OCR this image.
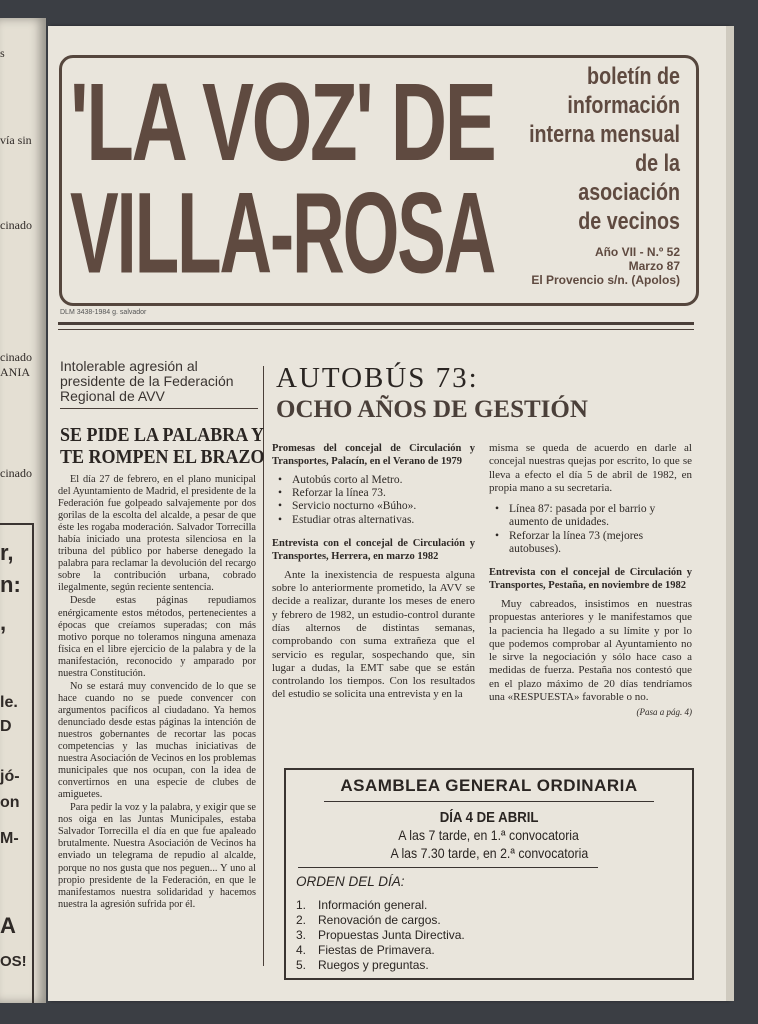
s
vía sin
cinado
cinado
ANIA
cinado
r,
n:
,
le.
D
jó-
on
M-
A
OS!
'LA VOZ' DE
VILLA-ROSA
boletín de
información
interna mensual
de la
asociación
de vecinos
Año VII - N.º 52
Marzo 87
El Provencio s/n. (Apolos)
DLM 3438-1984 g. salvador
Intolerable agresión al presidente de la Federación Regional de AVV
SE PIDE LA PALABRA Y
TE ROMPEN EL BRAZO

El día 27 de febrero, en el plano municipal del Ayuntamiento de Madrid, el presidente de la Federación fue golpeado salvajemente por dos gorilas de la escolta del alcalde, a pesar de que éste les rogaba moderación. Salvador Torrecilla había iniciado una protesta silenciosa en la tribuna del público por haberse denegado la palabra para reclamar la devolución del recargo sobre la contribución urbana, cobrado ilegalmente, según reciente sentencia.

Desde estas páginas repudiamos enérgicamente estos métodos, pertenecientes a épocas que creíamos superadas; con más motivo porque no toleramos ninguna amenaza física en el libre ejercicio de la palabra y de la manifestación, reconocido y amparado por nuestra Constitución.

No se estará muy convencido de lo que se hace cuando no se puede convencer con argumentos pacíficos al ciudadano. Ya hemos denunciado desde estas páginas la intención de nuestros gobernantes de recortar las pocas competencias y las muchas iniciativas de nuestra Asociación de Vecinos en los problemas municipales que nos ocupan, con la idea de convertirnos en una especie de clubes de amiguetes.

Para pedir la voz y la palabra, y exigir que se nos oiga en las Juntas Municipales, estaba Salvador Torrecilla el día en que fue apaleado brutalmente. Nuestra Asociación de Vecinos ha enviado un telegrama de repudio al alcalde, porque no nos gusta que nos peguen... Y uno al propio presidente de la Federación, en que le manifestamos nuestra solidaridad y hacemos nuestra la agresión sufrida por él.

AUTOBÚS 73:
OCHO AÑOS DE GESTIÓN
Promesas del concejal de Circulación y Transportes, Palacín, en el Verano de 1979
• Autobús corto al Metro.
• Reforzar la línea 73.
• Servicio nocturno «Búho».
• Estudiar otras alternativas.
Entrevista con el concejal de Circulación y Transportes, Herrera, en marzo 1982

Ante la inexistencia de respuesta alguna sobre lo anteriormente prometido, la AVV se decide a realizar, durante los meses de enero y febrero de 1982, un estudio-control durante días alternos de distintas semanas, comprobando con suma extrañeza que el servicio es regular, sospechando que, sin lugar a dudas, la EMT sabe que se están controlando los tiempos. Con los resultados del estudio se solicita una entrevista y en la

misma se queda de acuerdo en darle al concejal nuestras quejas por escrito, lo que se lleva a efecto el día 5 de abril de 1982, en propia mano a su secretaria.

• Línea 87: pasada por el barrio y aumento de unidades.
• Reforzar la línea 73 (mejores autobuses).
Entrevista con el concejal de Circulación y Transportes, Pestaña, en noviembre de 1982

Muy cabreados, insistimos en nuestras propuestas anteriores y le manifestamos que la paciencia ha llegado a su límite y por lo que podemos comprobar al Ayuntamiento no le sirve la negociación y sólo hace caso a medidas de fuerza. Pestaña nos contestó que en el plazo máximo de 20 días tendríamos una «RESPUESTA» favorable o no.

(Pasa a pág. 4)
ASAMBLEA GENERAL ORDINARIA
DÍA 4 DE ABRIL
A las 7 tarde, en 1.ª convocatoria
A las 7.30 tarde, en 2.ª convocatoria
ORDEN DEL DÍA:
1. Información general.
2. Renovación de cargos.
3. Propuestas Junta Directiva.
4. Fiestas de Primavera.
5. Ruegos y preguntas.
